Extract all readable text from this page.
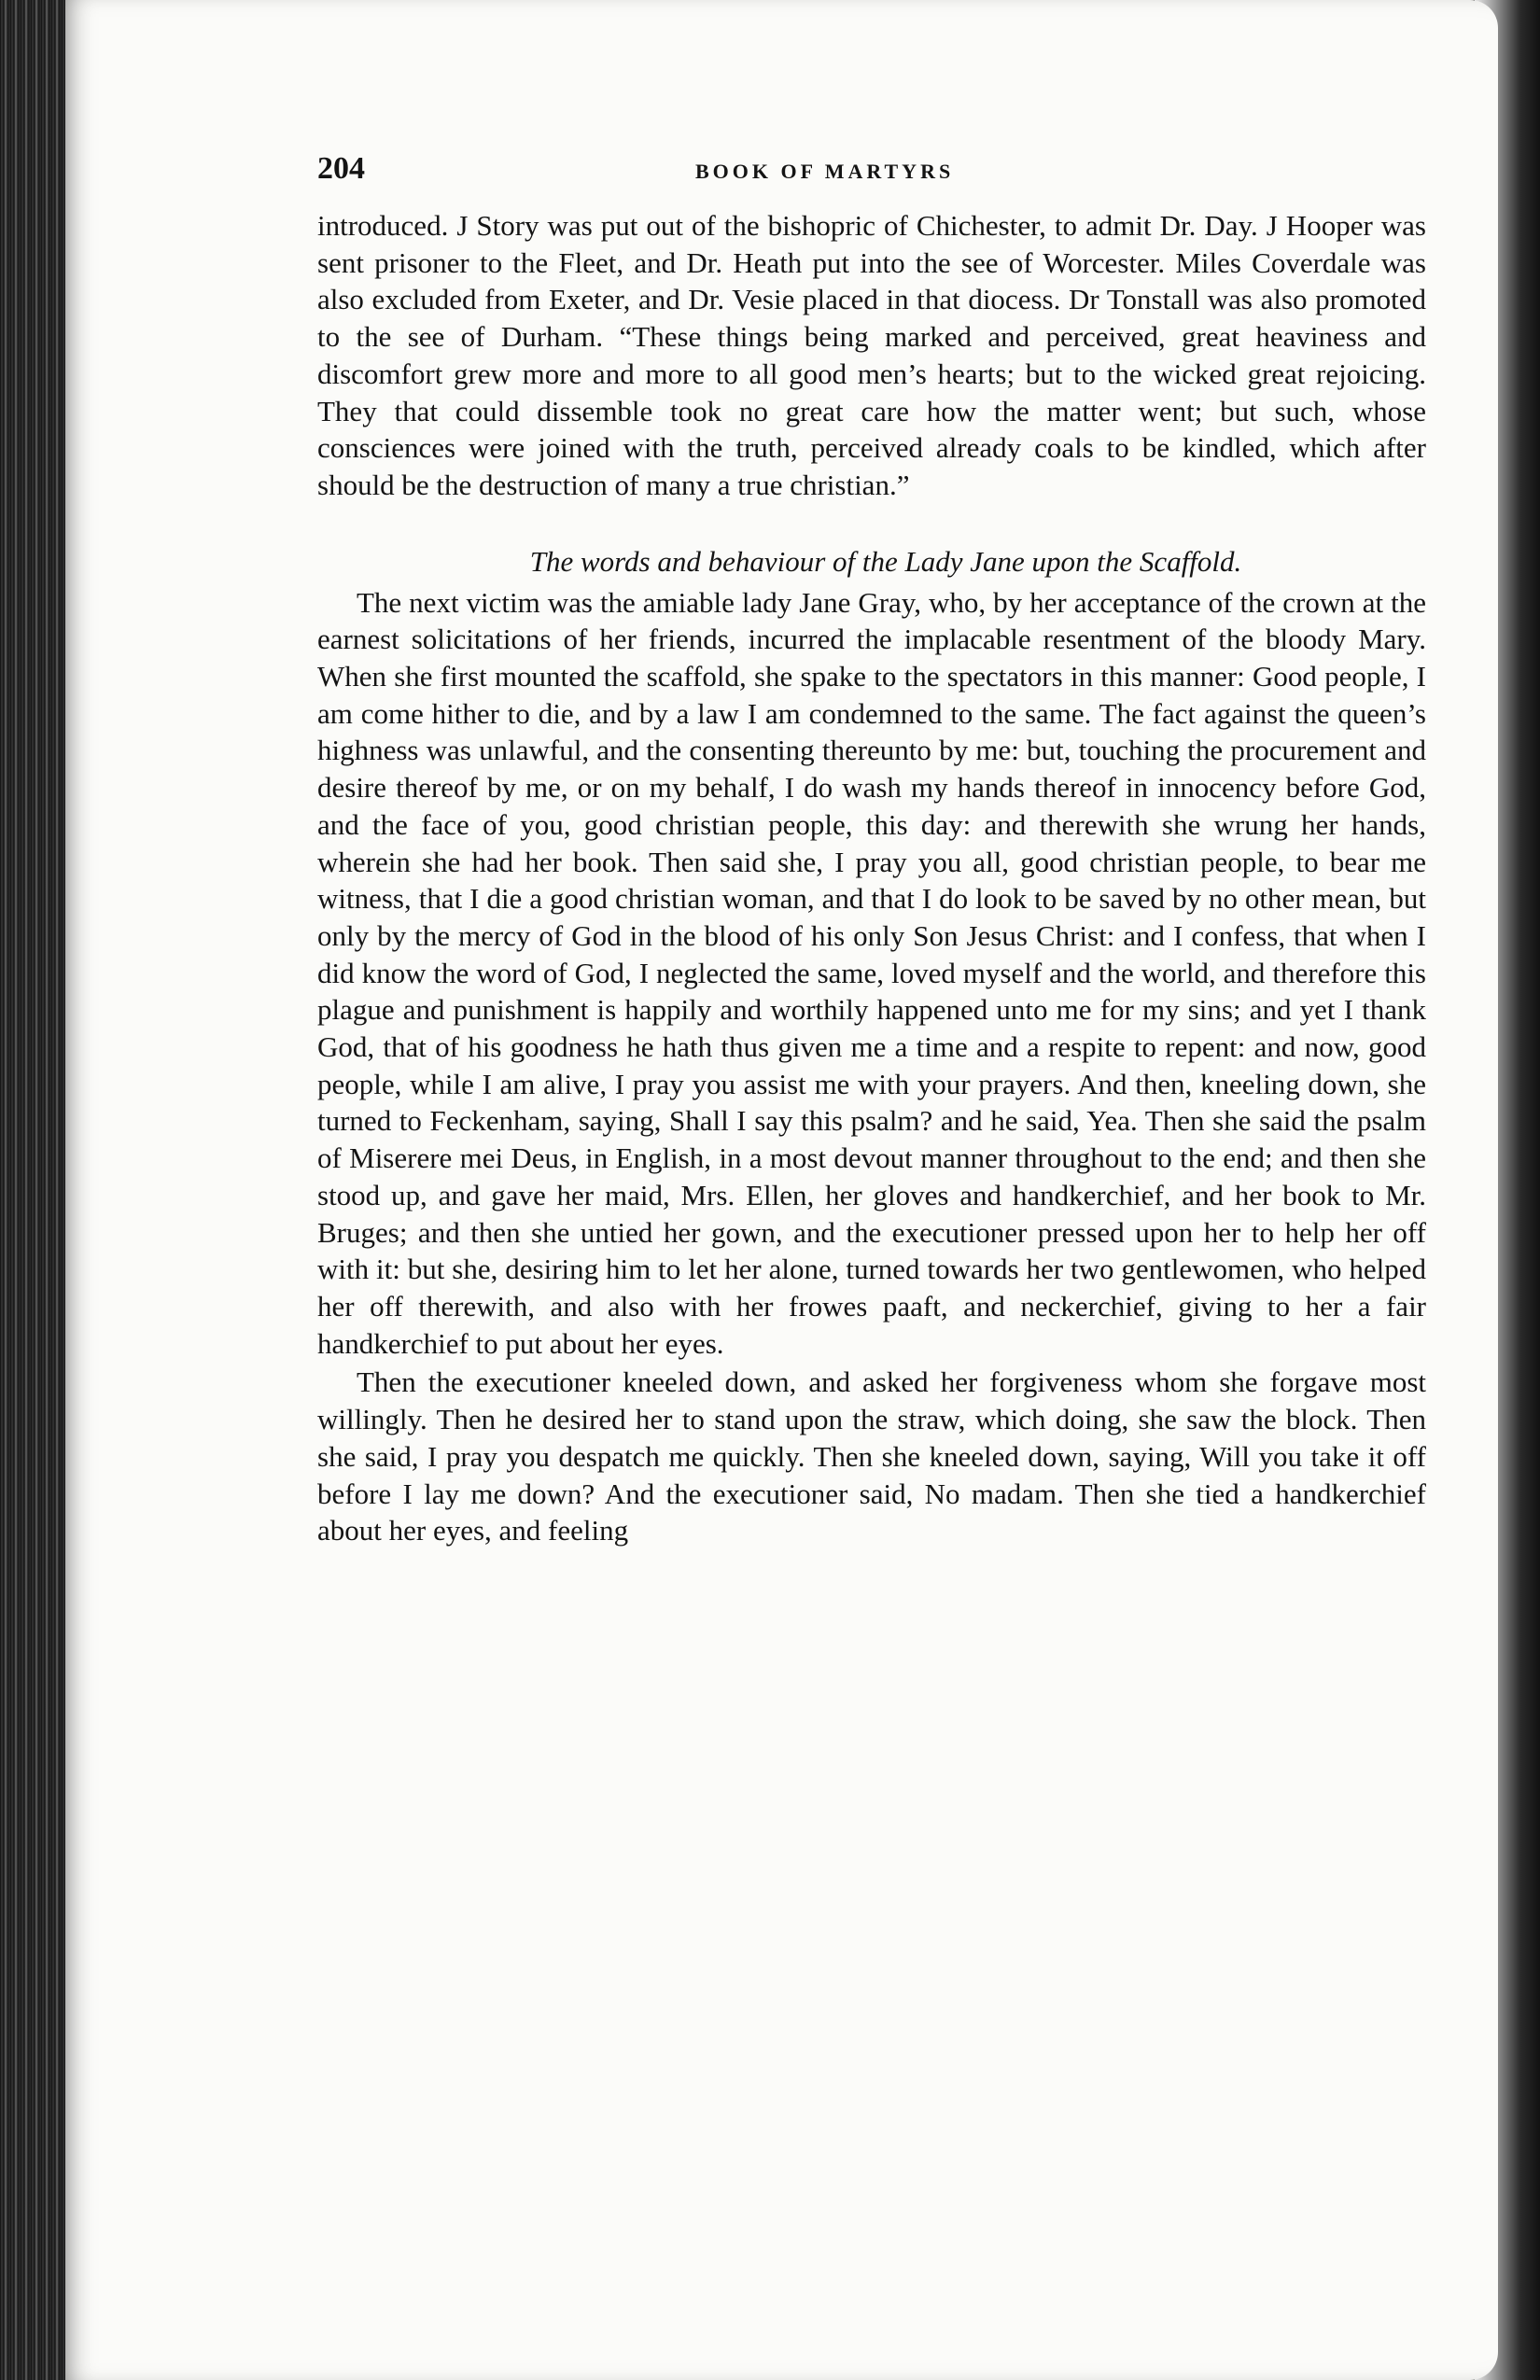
204	BOOK OF MARTYRS

introduced. J Story was put out of the bishopric of Chichester, to admit Dr. Day. J Hooper was sent prisoner to the Fleet, and Dr. Heath put into the see of Worcester. Miles Coverdale was also excluded from Exeter, and Dr. Vesie placed in that diocess. Dr Tonstall was also promoted to the see of Durham. “These things being marked and perceived, great heaviness and discomfort grew more and more to all good men’s hearts; but to the wicked great rejoicing. They that could dissemble took no great care how the matter went; but such, whose consciences were joined with the truth, perceived already coals to be kindled, which after should be the destruction of many a true christian.”

The words and behaviour of the Lady Jane upon the Scaffold.

The next victim was the amiable lady Jane Gray, who, by her acceptance of the crown at the earnest solicitations of her friends, incurred the implacable resentment of the bloody Mary. When she first mounted the scaffold, she spake to the spectators in this manner: Good people, I am come hither to die, and by a law I am condemned to the same. The fact against the queen’s highness was unlawful, and the consenting thereunto by me: but, touching the procurement and desire thereof by me, or on my behalf, I do wash my hands thereof in innocency before God, and the face of you, good christian people, this day: and therewith she wrung her hands, wherein she had her book. Then said she, I pray you all, good christian people, to bear me witness, that I die a good christian woman, and that I do look to be saved by no other mean, but only by the mercy of God in the blood of his only Son Jesus Christ: and I confess, that when I did know the word of God, I neglected the same, loved myself and the world, and therefore this plague and punishment is happily and worthily happened unto me for my sins; and yet I thank God, that of his goodness he hath thus given me a time and a respite to repent: and now, good people, while I am alive, I pray you assist me with your prayers. And then, kneeling down, she turned to Feckenham, saying, Shall I say this psalm? and he said, Yea. Then she said the psalm of Miserere mei Deus, in English, in a most devout manner throughout to the end; and then she stood up, and gave her maid, Mrs. Ellen, her gloves and handkerchief, and her book to Mr. Bruges; and then she untied her gown, and the executioner pressed upon her to help her off with it: but she, desiring him to let her alone, turned towards her two gentlewomen, who helped her off therewith, and also with her frowes paaft, and neckerchief, giving to her a fair handkerchief to put about her eyes.

Then the executioner kneeled down, and asked her forgiveness whom she forgave most willingly. Then he desired her to stand upon the straw, which doing, she saw the block. Then she said, I pray you despatch me quickly. Then she kneeled down, saying, Will you take it off before I lay me down? And the executioner said, No madam. Then she tied a handkerchief about her eyes, and feeling
